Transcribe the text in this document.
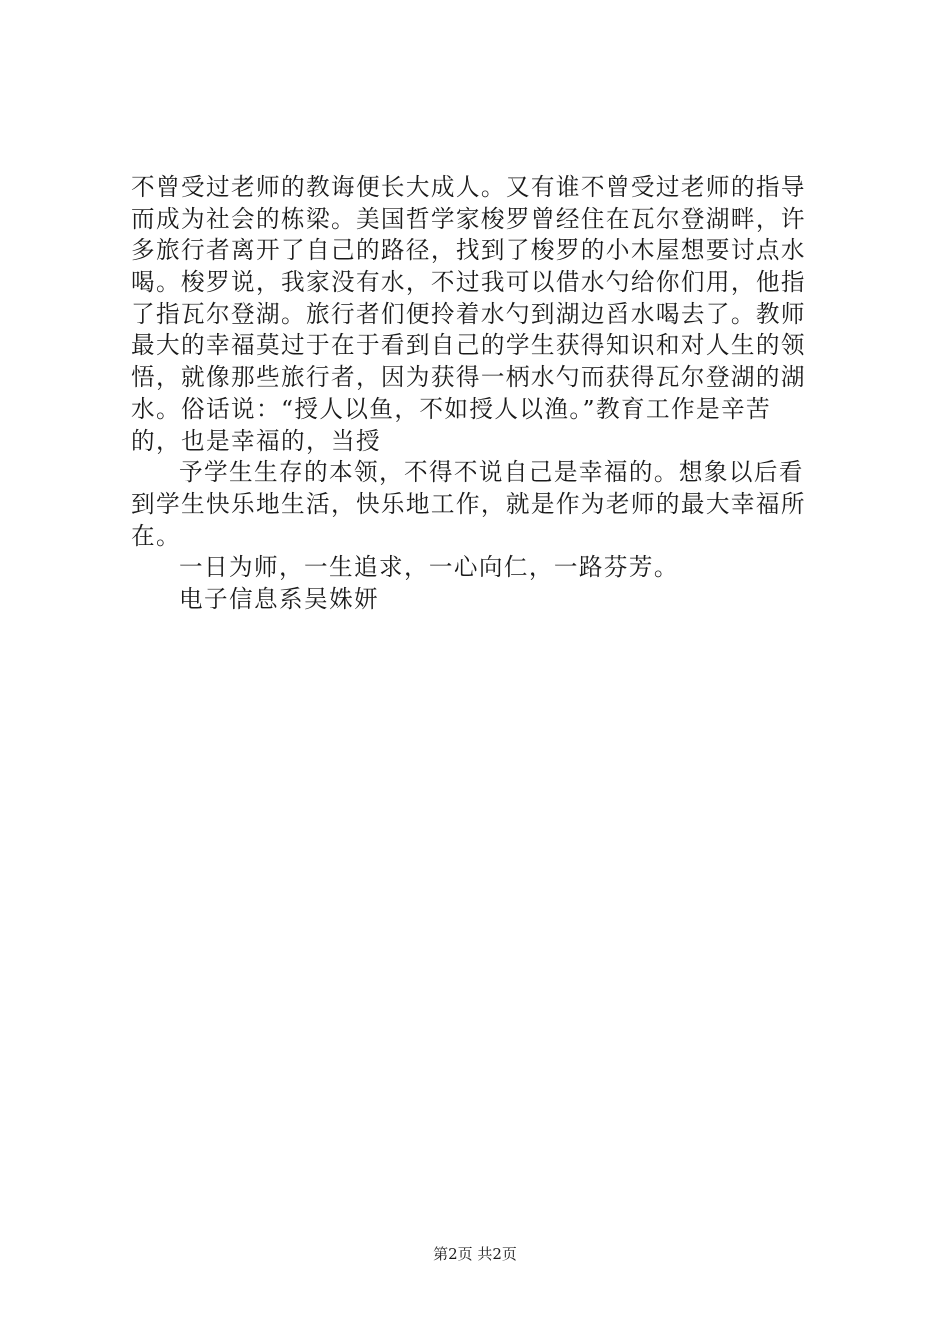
不曾受过老师的教诲便长大成人。又有谁不曾受过老师的指导
而成为社会的栋梁。美国哲学家梭罗曾经住在瓦尔登湖畔，许
多旅行者离开了自己的路径，找到了梭罗的小木屋想要讨点水
喝。梭罗说，我家没有水，不过我可以借水勺给你们用，他指
了指瓦尔登湖。旅行者们便拎着水勺到湖边舀水喝去了。教师
最大的幸福莫过于在于看到自己的学生获得知识和对人生的领
悟，就像那些旅行者，因为获得一柄水勺而获得瓦尔登湖的湖
水。俗话说：“授人以鱼，不如授人以渔。”教育工作是辛苦
的，也是幸福的，当授
予学生生存的本领，不得不说自己是幸福的。想象以后看
到学生快乐地生活，快乐地工作，就是作为老师的最大幸福所
在。
一日为师，一生追求，一心向仁，一路芬芳。
电子信息系吴姝妍
第2页 共2页
